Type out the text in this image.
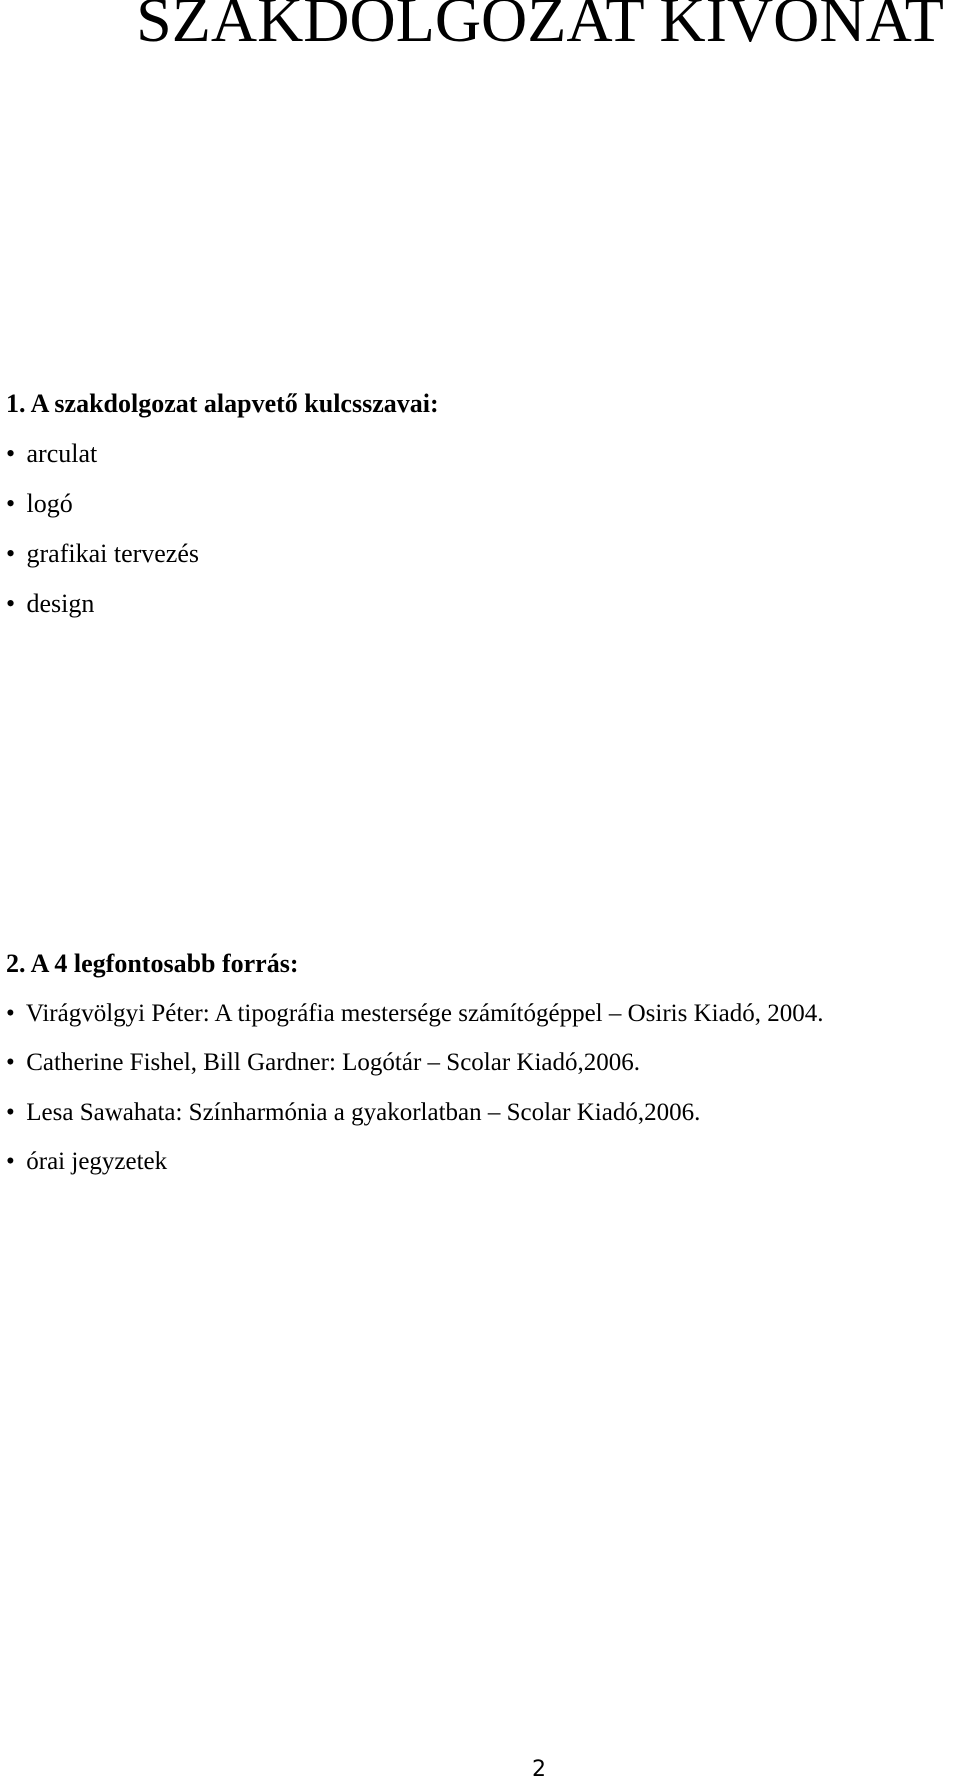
SZAKDOLGOZAT KIVONAT

1. A szakdolgozat alapvető kulcsszavai:

• arculat
• logó
• grafikai tervezés
• design

2. A 4 legfontosabb forrás:

• Virágvölgyi Péter: A tipográfia mestersége számítógéppel – Osiris Kiadó, 2004.
• Catherine Fishel, Bill Gardner: Logótár – Scolar Kiadó,2006.
• Lesa Sawahata: Színharmónia a gyakorlatban – Scolar Kiadó,2006.
• órai jegyzetek
2
